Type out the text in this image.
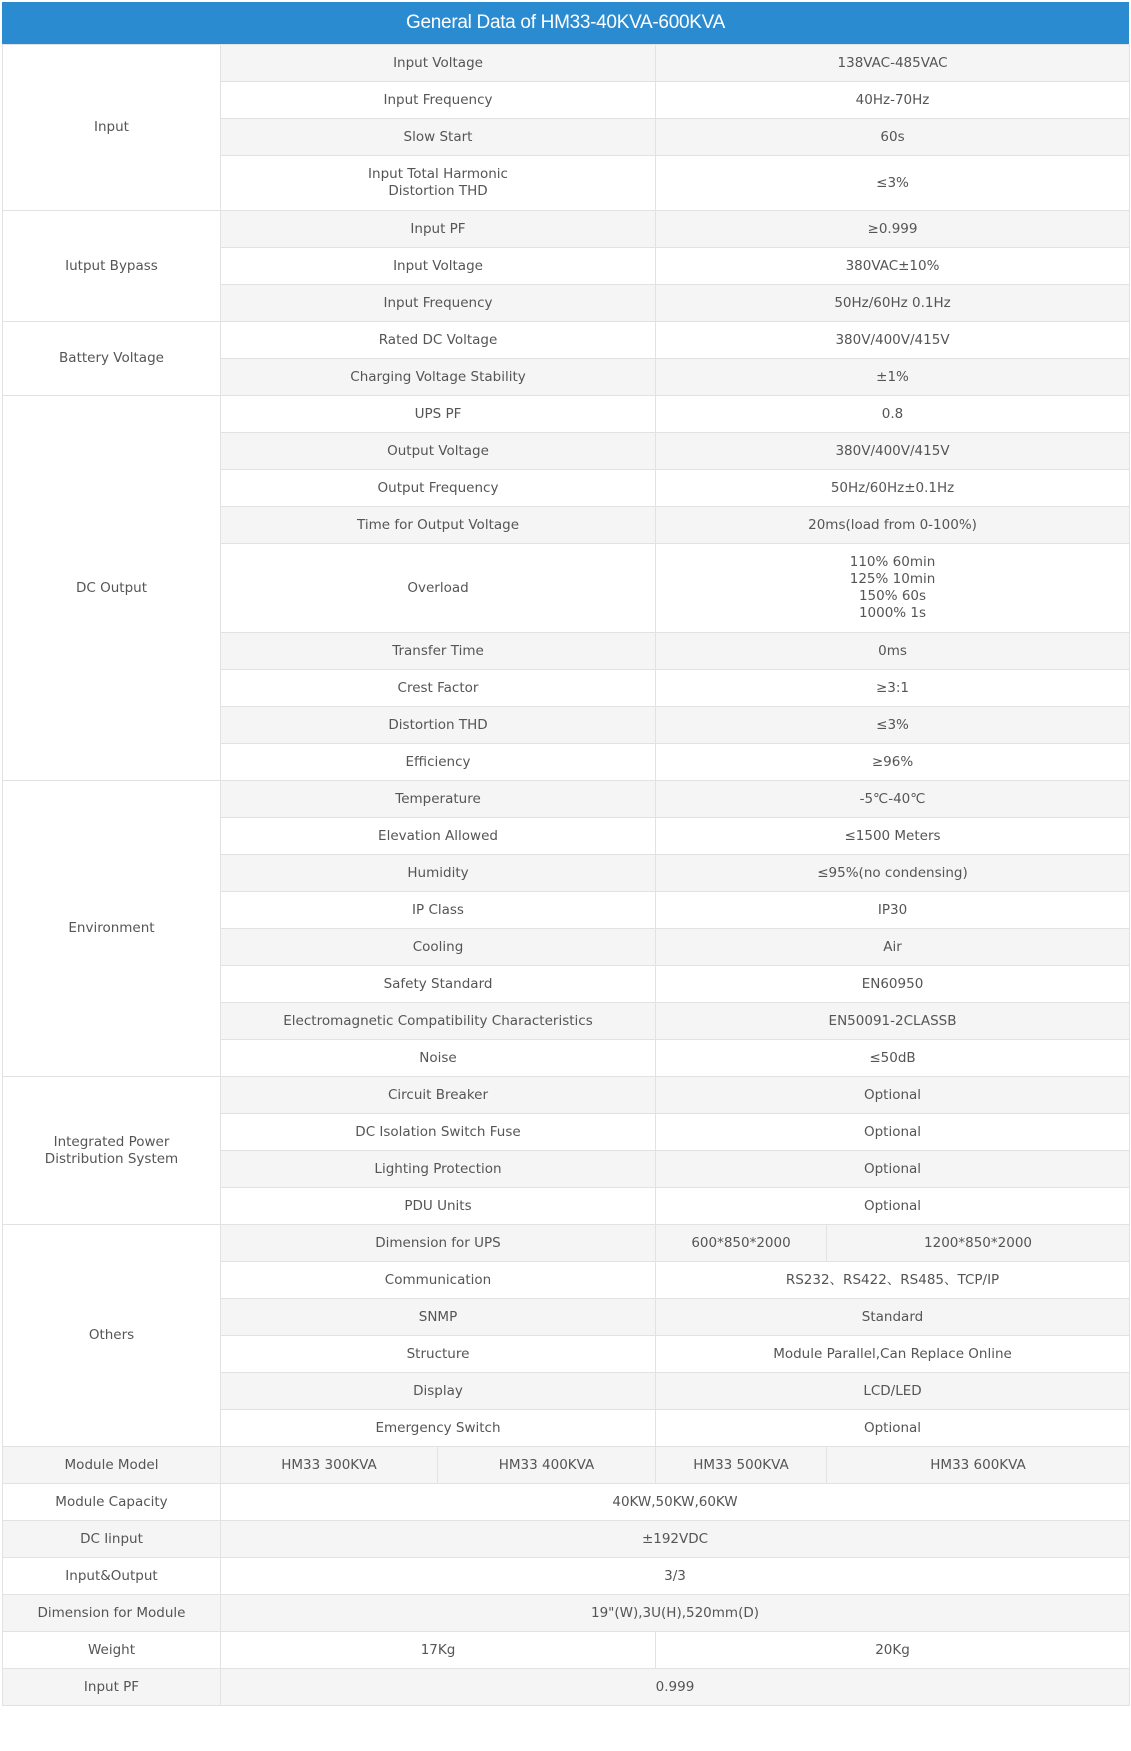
General Data of HM33-40KVA-600KVA
Input	Input Voltage		138VAC-485VAC	
	Input Frequency		40Hz-70Hz	
	Slow Start		60s	

	Input Total Harmonic
Distortion THD		≤3%	
Iutput Bypass	Input PF		≥0.999	
	Input Voltage		380VAC±10%	
	Input Frequency		50Hz/60Hz 0.1Hz	
Battery Voltage	Rated DC Voltage		380V/400V/415V	
	Charging Voltage Stability		±1%	
DC Output	UPS PF		0.8	
	Output Voltage		380V/400V/415V	
	Output Frequency		50Hz/60Hz±0.1Hz	
	Time for Output Voltage		20ms(load from 0-100%)	
	Overload		110% 60min
125% 10min
150% 60s
1000% 1s	

	Transfer Time		0ms	
	Crest Factor		≥3:1	
	Distortion THD		≤3%	
	Efficiency		≥96%	
Environment	Temperature		-5℃-40℃	
	Elevation Allowed		≤1500 Meters	
	Humidity		≤95%(no condensing)	
	IP Class		IP30	
	Cooling		Air	
	Safety Standard		EN60950	
	Electromagnetic Compatibility Characteristics		EN50091-2CLASSB	
	Noise		≤50dB	

Integrated Power
Distribution System	Circuit Breaker		Optional	
	DC Isolation Switch Fuse		Optional	
	Lighting Protection		Optional	
	PDU Units		Optional	
Others	Dimension for UPS		600*850*2000	1200*850*2000
	Communication		RS232、RS422、RS485、TCP/IP	
	SNMP		Standard	
	Structure		Module Parallel,Can Replace Online	
	Display		LCD/LED	
	Emergency Switch		Optional	
Module Model	HM33 300KVA	HM33 400KVA	HM33 500KVA	HM33 600KVA
Module Capacity	40KW,50KW,60KW			
DC Iinput	±192VDC			
Input&Output	3/3			
Dimension for Module	19"(W),3U(H),520mm(D)			
Weight	17Kg		20Kg	
Input PF	0.999			
